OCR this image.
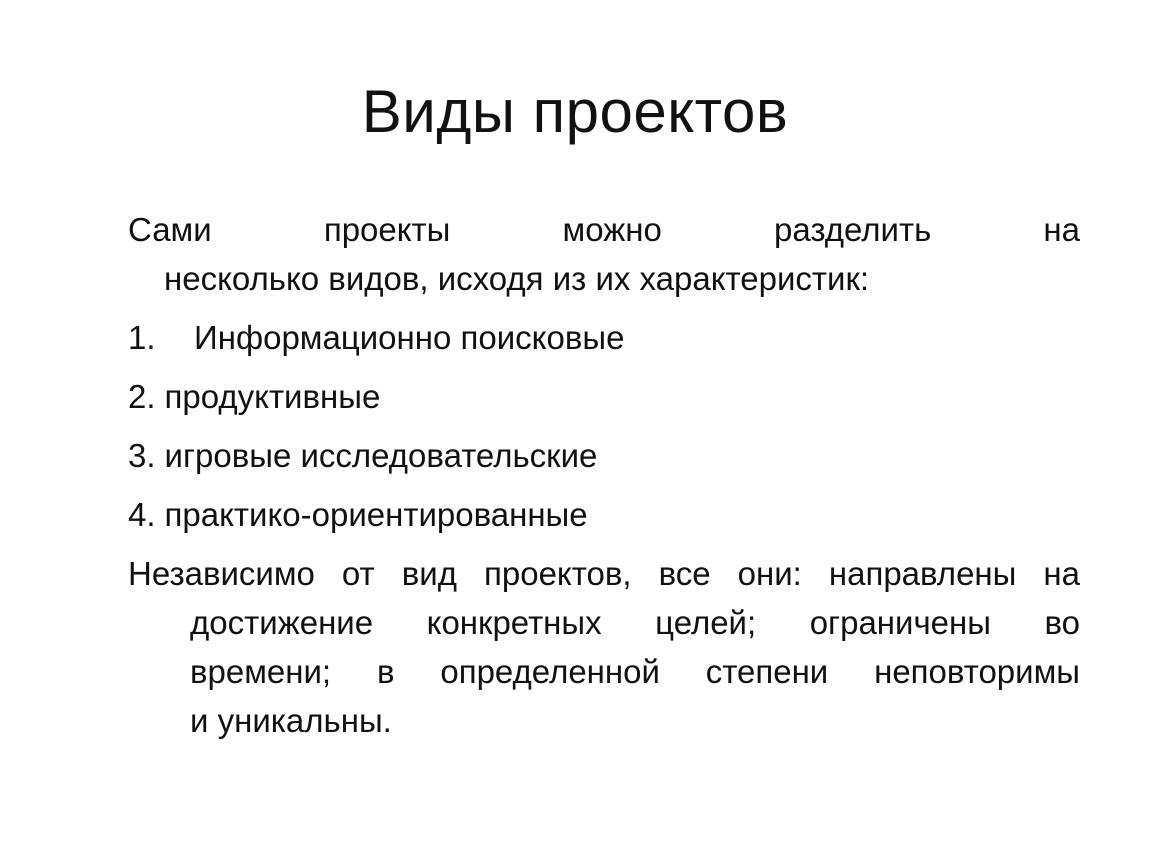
Виды проектов
Сами проекты можно разделить на
несколько видов, исходя из их характеристик:
1.	Информационно поисковые
2. продуктивные
3. игровые исследовательские
4. практико-ориентированные
Независимо от вид проектов, все они: направлены на
достижение конкретных целей; ограничены во
времени; в определенной степени неповторимы
и уникальны.
